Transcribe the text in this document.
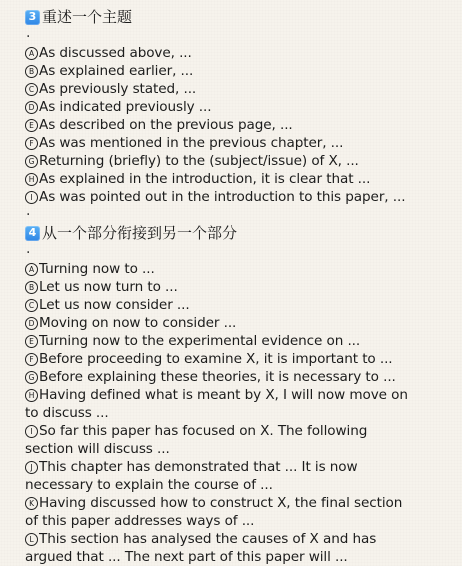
3 重述一个主题
.
A As discussed above, ...
B As explained earlier, ...
C As previously stated, ...
D As indicated previously ...
E As described on the previous page, ...
F As was mentioned in the previous chapter, ...
G Returning (briefly) to the (subject/issue) of X, ...
H As explained in the introduction, it is clear that ...
I As was pointed out in the introduction to this paper, ...
.
4 从一个部分衔接到另一个部分
.
A Turning now to ...
B Let us now turn to ...
C Let us now consider ...
D Moving on now to consider ...
E Turning now to the experimental evidence on ...
F Before proceeding to examine X, it is important to ...
G Before explaining these theories, it is necessary to ...
H Having defined what is meant by X, I will now move on
to discuss ...
I So far this paper has focused on X. The following
section will discuss ...
J This chapter has demonstrated that ... It is now
necessary to explain the course of ...
K Having discussed how to construct X, the final section
of this paper addresses ways of ...
L This section has analysed the causes of X and has
argued that ... The next part of this paper will ...
